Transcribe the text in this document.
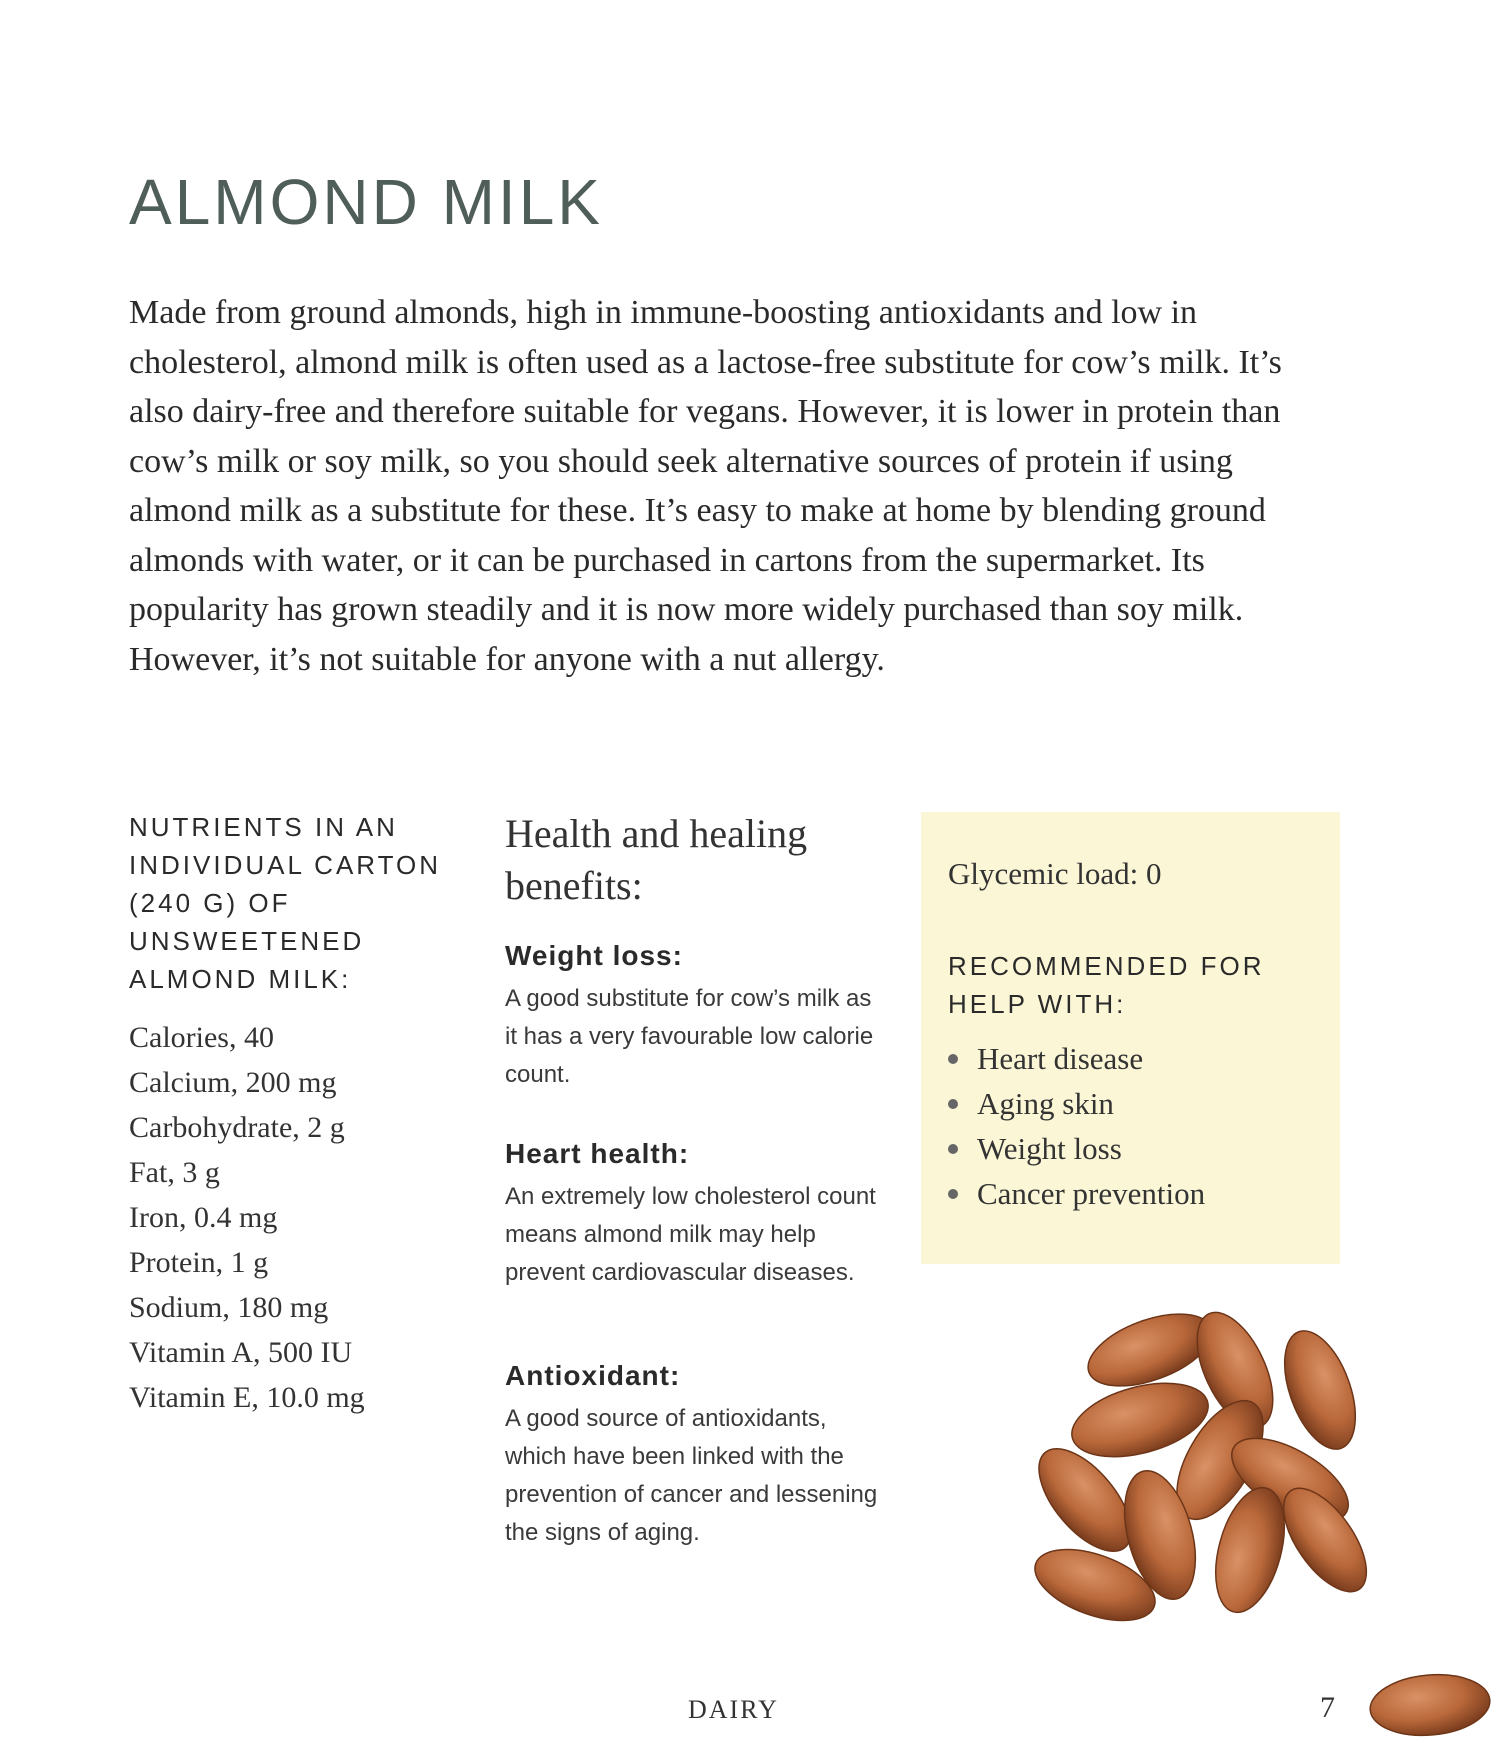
ALMOND MILK

Made from ground almonds, high in immune-boosting antioxidants and low in cholesterol, almond milk is often used as a lactose-free substitute for cow’s milk. It’s also dairy-free and therefore suitable for vegans. However, it is lower in protein than cow’s milk or soy milk, so you should seek alternative sources of protein if using almond milk as a substitute for these. It’s easy to make at home by blending ground almonds with water, or it can be purchased in cartons from the supermarket. Its popularity has grown steadily and it is now more widely purchased than soy milk. However, it’s not suitable for anyone with a nut allergy.

NUTRIENTS IN AN INDIVIDUAL CARTON (240 G) OF UNSWEETENED ALMOND MILK:
Calories, 40
Calcium, 200 mg
Carbohydrate, 2 g
Fat, 3 g
Iron, 0.4 mg
Protein, 1 g
Sodium, 180 mg
Vitamin A, 500 IU
Vitamin E, 10.0 mg
Health and healing benefits:
Weight loss:

A good substitute for cow’s milk as it has a very favourable low calorie count.

Heart health:

An extremely low cholesterol count means almond milk may help prevent cardiovascular diseases.

Antioxidant:

A good source of antioxidants, which have been linked with the prevention of cancer and lessening the signs of aging.

Glycemic load: 0
RECOMMENDED FOR HELP WITH:
Heart disease
Aging skin
Weight loss
Cancer prevention
DAIRY	7
